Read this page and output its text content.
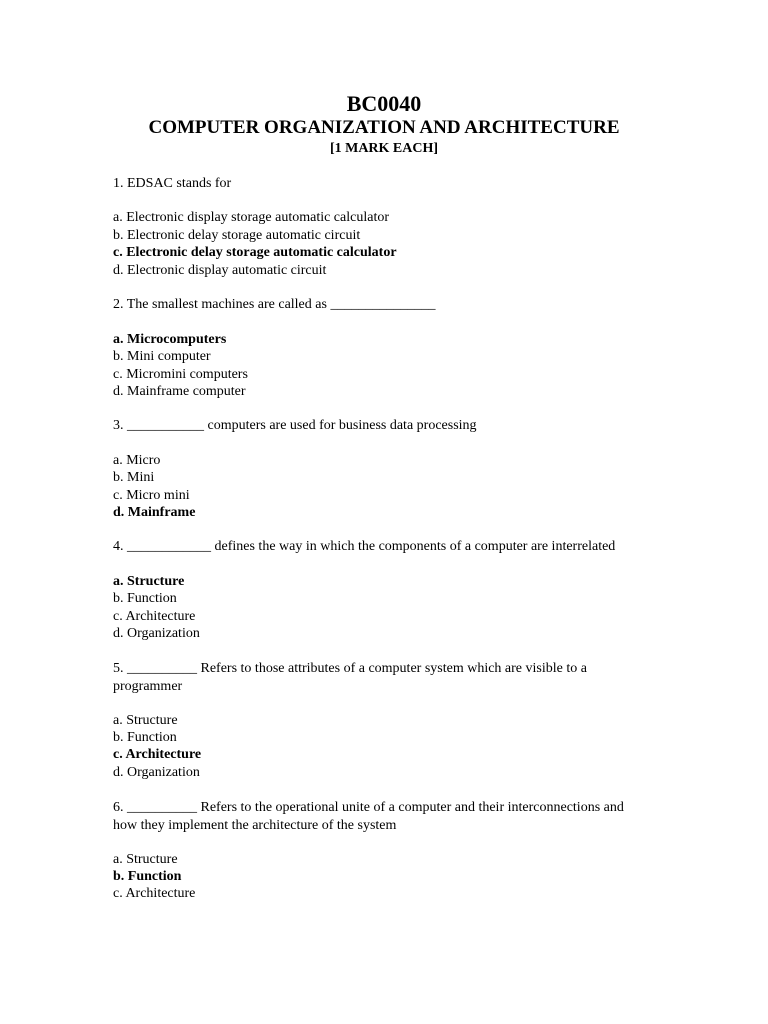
BC0040
COMPUTER ORGANIZATION AND ARCHITECTURE
[1 MARK EACH]
1. EDSAC stands for
a. Electronic display storage automatic calculator
b. Electronic delay storage automatic circuit
c. Electronic delay storage automatic calculator
d. Electronic display automatic circuit
2. The smallest machines are called as _______________
a. Microcomputers
b. Mini computer
c. Micromini computers
d. Mainframe computer
3. ___________ computers are used for business data processing
a. Micro
b. Mini
c. Micro mini
d. Mainframe
4. ____________ defines the way in which the components of a computer are interrelated
a. Structure
b. Function
c. Architecture
d. Organization
5. __________ Refers to those attributes of a computer system which are visible to a
programmer
a. Structure
b. Function
c. Architecture
d. Organization
6. __________ Refers to the operational unite of a computer and their interconnections and
how they implement the architecture of the system
a. Structure
b. Function
c. Architecture
